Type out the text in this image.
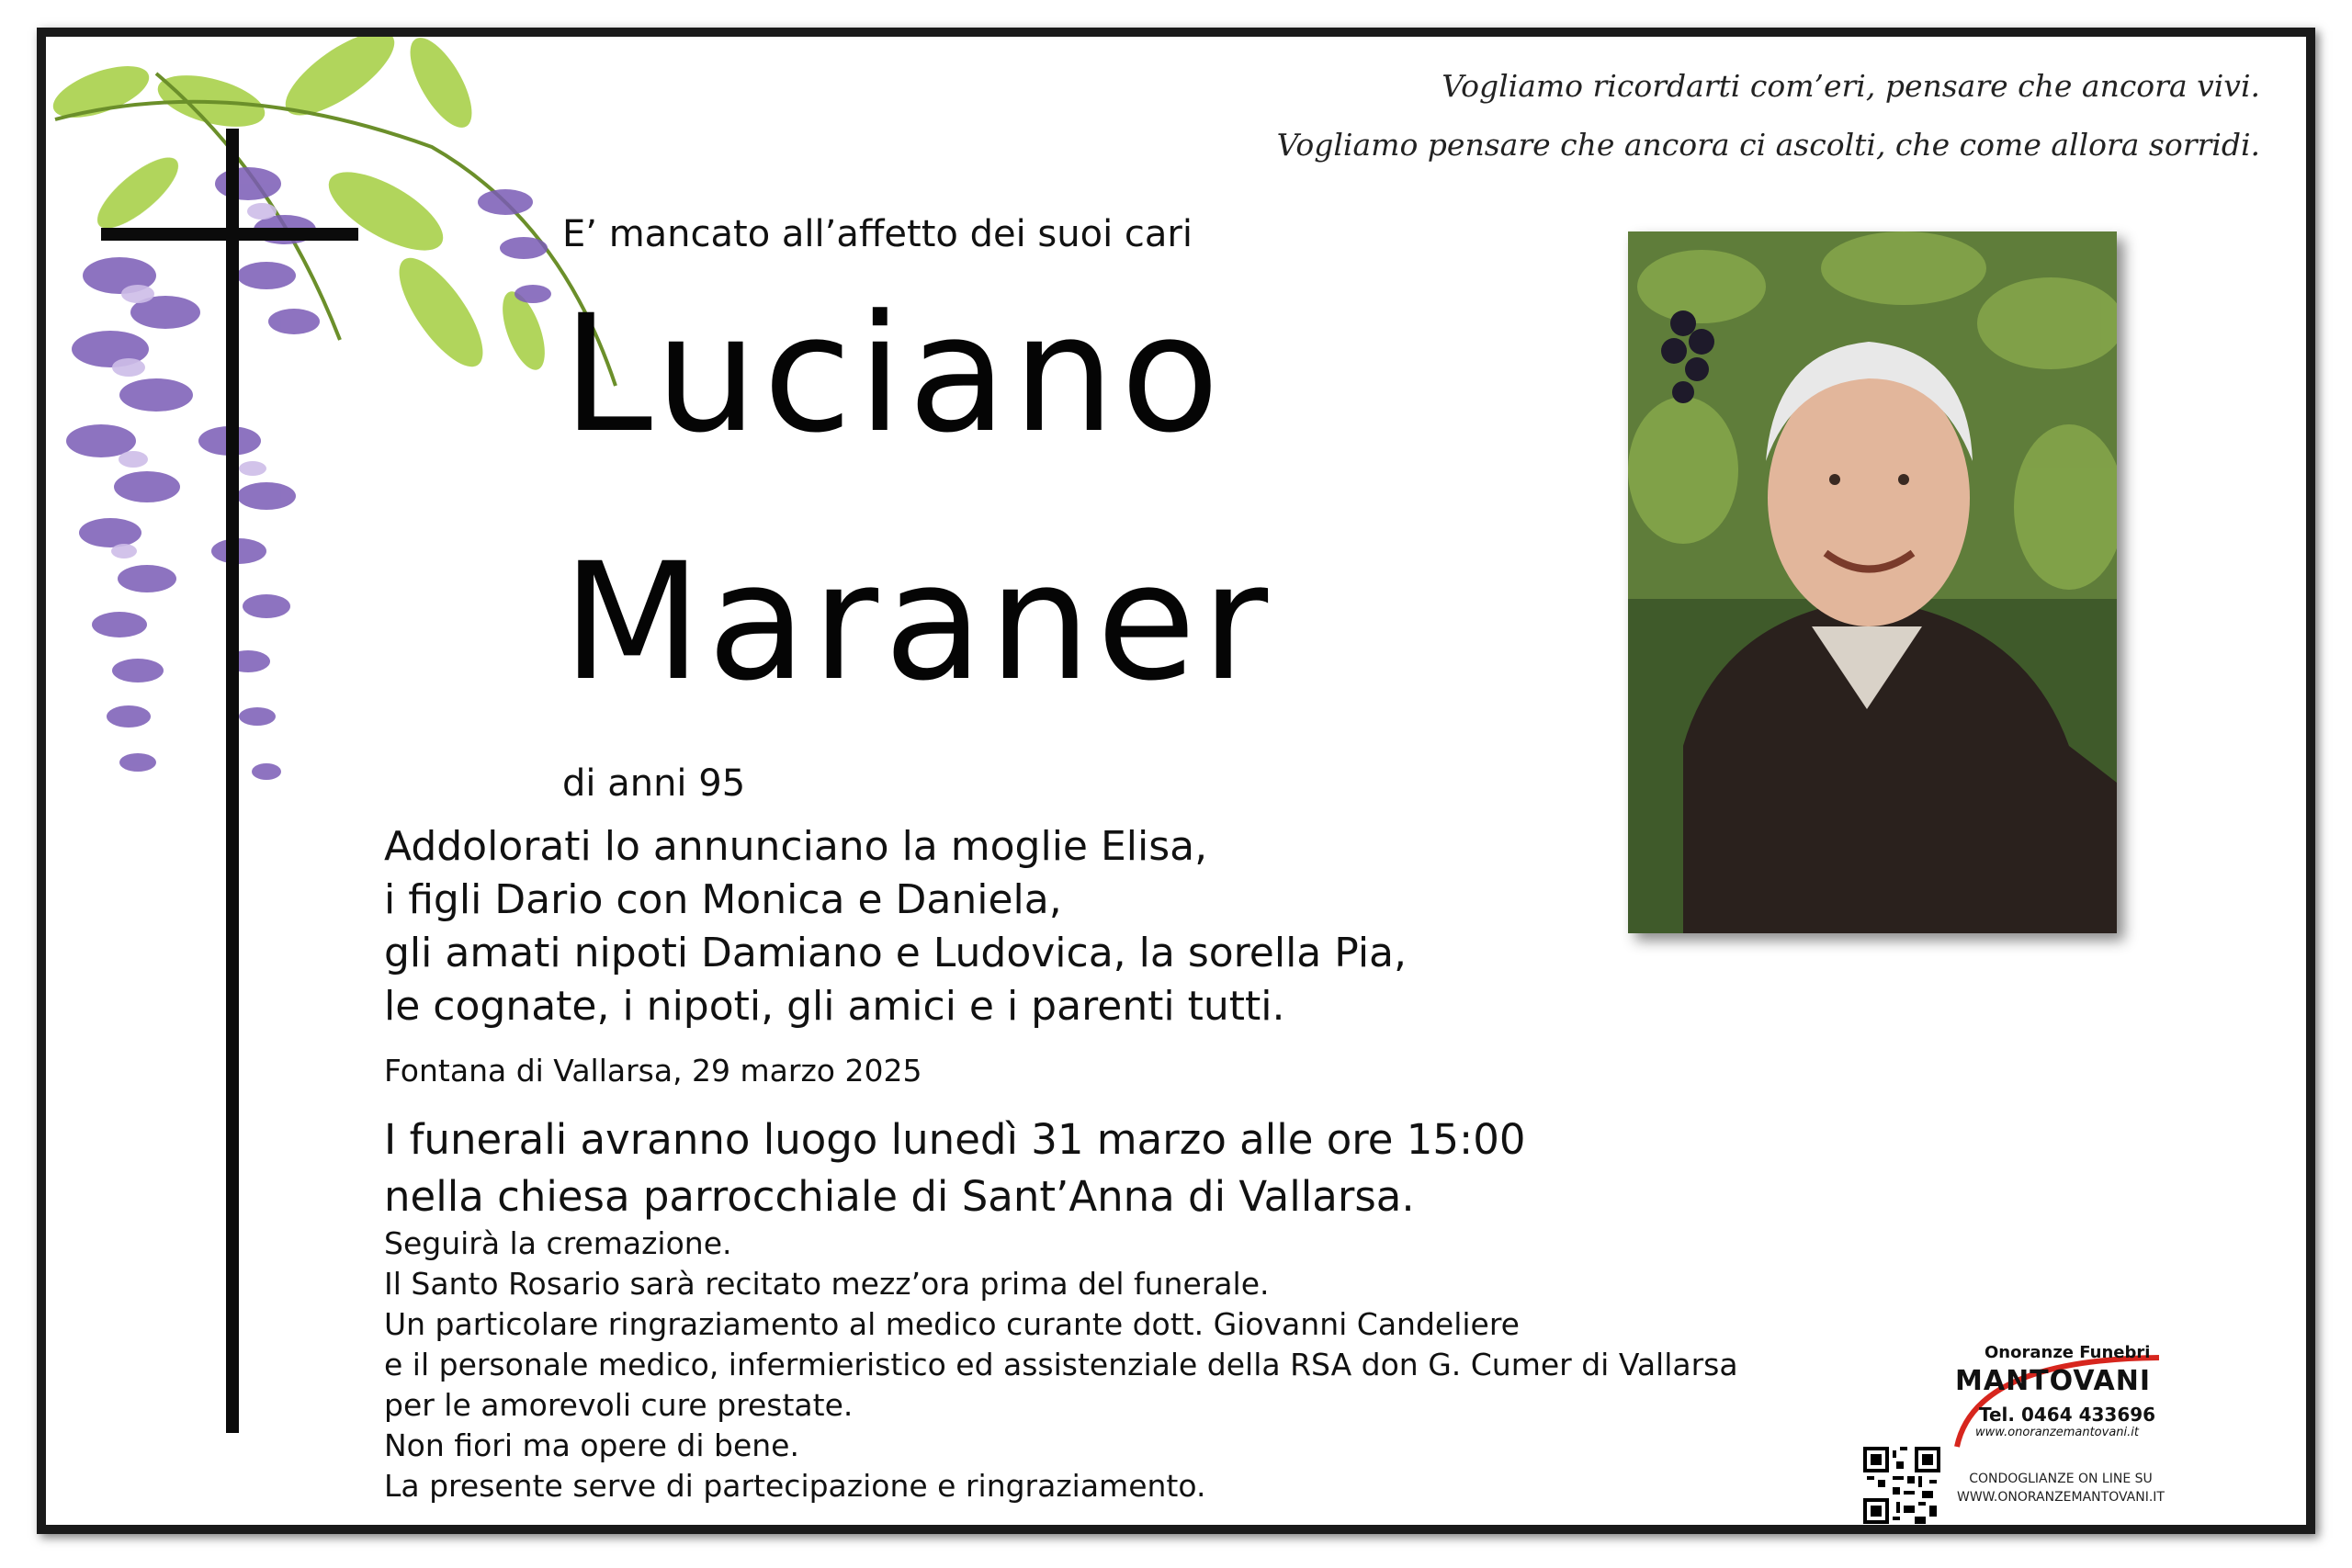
Vogliamo ricordarti com’eri, pensare che ancora vivi.
Vogliamo pensare che ancora ci ascolti, che come allora sorridi.
E’ mancato all’affetto dei suoi cari
Luciano
Maraner
di anni 95
Addolorati lo annunciano la moglie Elisa,
i figli Dario con Monica e Daniela,
gli amati nipoti Damiano e Ludovica, la sorella Pia,
le cognate, i nipoti, gli amici e i parenti tutti.
Fontana di Vallarsa, 29 marzo 2025
I funerali avranno luogo lunedì 31 marzo alle ore 15:00
nella chiesa parrocchiale di Sant’Anna di Vallarsa.
Seguirà la cremazione.
Il Santo Rosario sarà recitato mezz’ora prima del funerale.
Un particolare ringraziamento al medico curante dott. Giovanni Candeliere
e il personale medico, infermieristico ed assistenziale della RSA don G. Cumer di Vallarsa
per le amorevoli cure prestate.
Non fiori ma opere di bene.
La presente serve di partecipazione e ringraziamento.
Onoranze Funebri
MANTOVANI
Tel. 0464 433696
www.onoranzemantovani.it
CONDOGLIANZE ON LINE SU
WWW.ONORANZEMANTOVANI.IT
